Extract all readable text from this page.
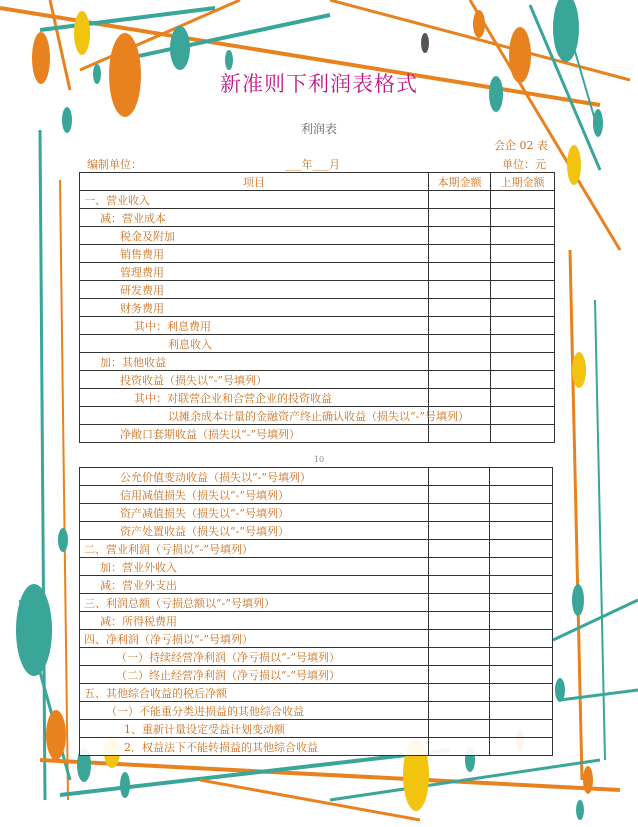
新准则下利润表格式
利润表
会企 02 表
编制单位：	___年___月	单位：元
项目	本期金额	上期金额
一、营业收入		
减：营业成本		
税金及附加		
销售费用		
管理费用		
研发费用		
财务费用		
其中：利息费用		
利息收入		
加：其他收益		
投资收益（损失以“-”号填列）		
其中：对联营企业和合营企业的投资收益		
以摊余成本计量的金融资产终止确认收益（损失以“-”号填列）		
净敞口套期收益（损失以“-”号填列）		
10
公允价值变动收益（损失以“-”号填列）		
信用减值损失（损失以“-”号填列）		
资产减值损失（损失以“-”号填列）		
资产处置收益（损失以“-”号填列）		
二、营业利润（亏损以“-”号填列）		
加：营业外收入		
减：营业外支出		
三、利润总额（亏损总额以“-”号填列）		
减：所得税费用		
四、净利润（净亏损以“-”号填列）		
（一）持续经营净利润（净亏损以“-”号填列）		
（二）终止经营净利润（净亏损以“-”号填列）		
五、其他综合收益的税后净额		
（一）不能重分类进损益的其他综合收益		
1、重新计量设定受益计划变动额		
2．权益法下不能转损益的其他综合收益		
